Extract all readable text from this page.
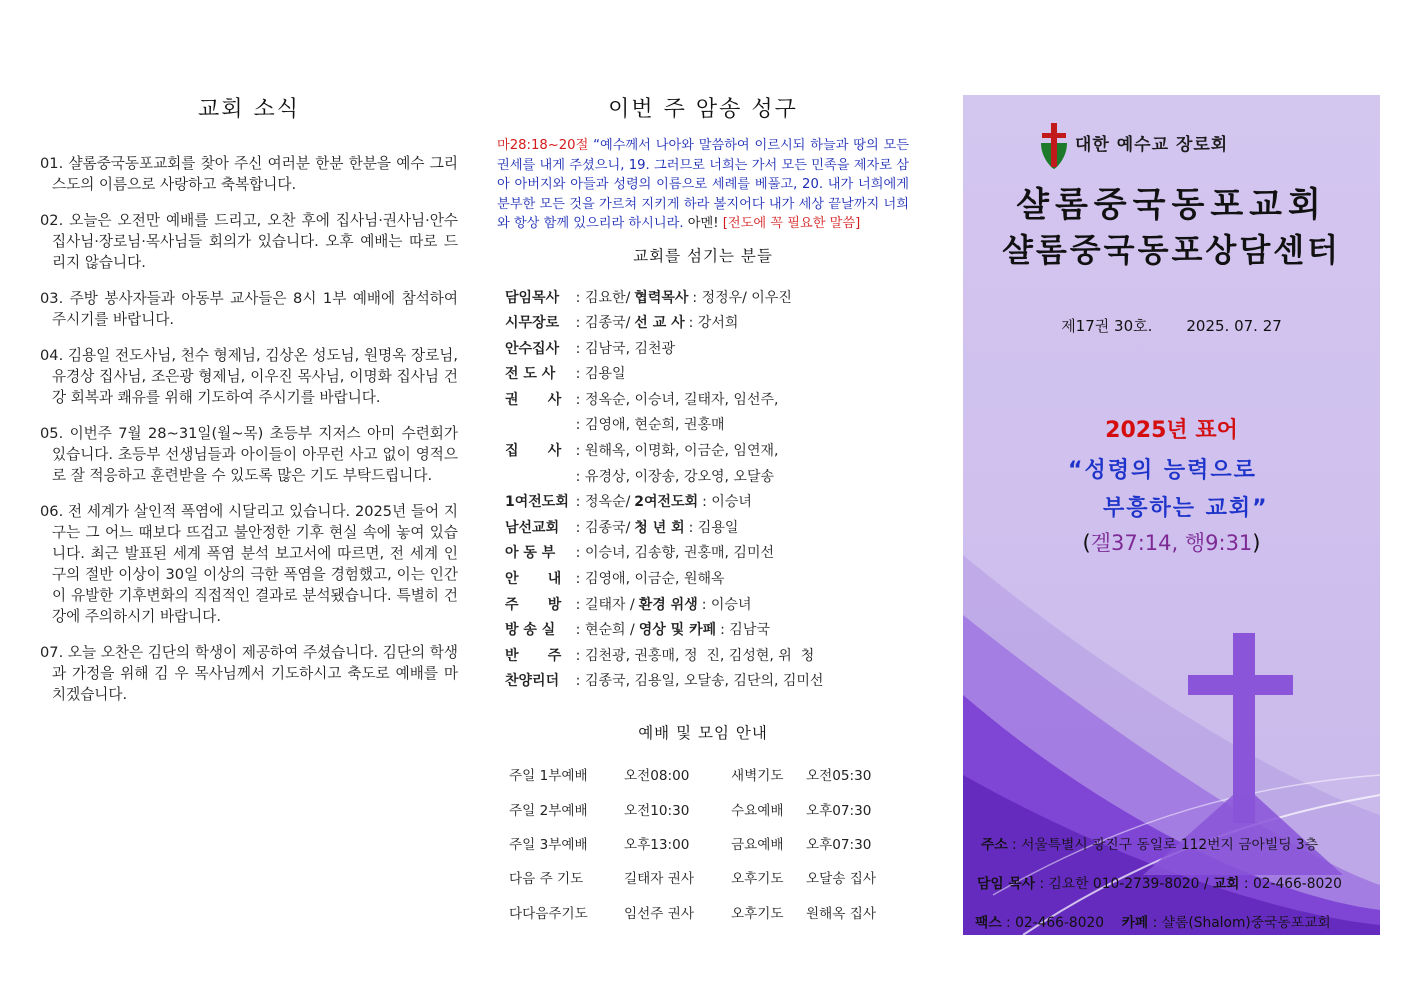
교회 소식
01. 샬롬중국동포교회를 찾아 주신 여러분 한분 한분을 예수 그리스도의 이름으로 사랑하고 축복합니다.
02. 오늘은 오전만 예배를 드리고, 오찬 후에 집사님·권사님·안수집사님·장로님·목사님들 회의가 있습니다. 오후 예배는 따로 드리지 않습니다.
03. 주방 봉사자들과 아동부 교사들은 8시 1부 예배에 참석하여 주시기를 바랍니다.
04. 김용일 전도사님, 천수 형제님, 김상온 성도님, 원명옥 장로님, 유경상 집사님, 조은광 형제님, 이우진 목사님, 이명화 집사님 건강 회복과 쾌유를 위해 기도하여 주시기를 바랍니다.
05. 이번주 7월 28~31일(월~목) 초등부 지저스 아미 수련회가 있습니다. 초등부 선생님들과 아이들이 아무런 사고 없이 영적으로 잘 적응하고 훈련받을 수 있도록 많은 기도 부탁드립니다.
06. 전 세계가 살인적 폭염에 시달리고 있습니다. 2025년 들어 지구는 그 어느 때보다 뜨겁고 불안정한 기후 현실 속에 놓여 있습니다. 최근 발표된 세계 폭염 분석 보고서에 따르면, 전 세계 인구의 절반 이상이 30일 이상의 극한 폭염을 경험했고, 이는 인간이 유발한 기후변화의 직접적인 결과로 분석됐습니다. 특별히 건강에 주의하시기 바랍니다.
07. 오늘 오찬은 김단의 학생이 제공하여 주셨습니다. 김단의 학생과 가정을 위해 김 우 목사님께서 기도하시고 축도로 예배를 마치겠습니다.
이번 주 암송 성구

마28:18~20절 “예수께서 나아와 말씀하여 이르시되 하늘과 땅의 모든 권세를 내게 주셨으니, 19. 그러므로 너희는 가서 모든 민족을 제자로 삼아 아버지와 아들과 성령의 이름으로 세례를 베풀고, 20. 내가 너희에게 분부한 모든 것을 가르쳐 지키게 하라 볼지어다 내가 세상 끝날까지 너희와 항상 함께 있으리라 하시니라. 아멘! [전도에 꼭 필요한 말씀]

교회를 섬기는 분들
담임목사	: 김요한/ 협력목사 : 정정우/ 이우진
시무장로	: 김종국/ 선 교 사 : 강서희
안수집사	: 김남국, 김천광
전 도 사	: 김용일
권      사	: 정옥순, 이승녀, 길태자, 임선주,
: 김영애, 현순희, 권홍매
집      사	: 원해옥, 이명화, 이금순, 임연재,
: 유경상, 이장송, 강오영, 오달송
1여전도회 : 정옥순/ 2여전도회 : 이승녀
남선교회	: 김종국/ 청 년 회 : 김용일
아 동 부	: 이승녀, 김송향, 권홍매, 김미선
안      내	: 김영애, 이금순, 원해옥
주      방	: 길태자 / 환경 위생 : 이승녀
방 송 실	: 현순희 / 영상 및 카페 : 김남국
반      주	: 김천광, 권홍매, 정  진, 김성현, 위  청
찬양리더	: 김종국, 김용일, 오달송, 김단의, 김미선
예배 및 모임 안내
주일 1부예배	오전08:00	새벽기도	오전05:30
주일 2부예배	오전10:30	수요예배	오후07:30
주일 3부예배	오후13:00	금요예배	오후07:30
다음 주 기도	길태자 권사	오후기도	오달송 집사
다다음주기도	임선주 권사	오후기도	원해옥 집사
대한 예수교 장로회
샬롬중국동포교회
샬롬중국동포상담센터
제17권 30호. 2025. 07. 27
2025년 표어
“성령의 능력으로
부흥하는 교회”
(겔37:14, 행9:31)
주소 : 서울특별시 광진구 동일로 112번지 금아빌딩 3층
담임 목사 : 김요한 010-2739-8020 / 교회 : 02-466-8020
팩스 : 02-466-8020 카페 : 샬롬(Shalom)중국동포교회
